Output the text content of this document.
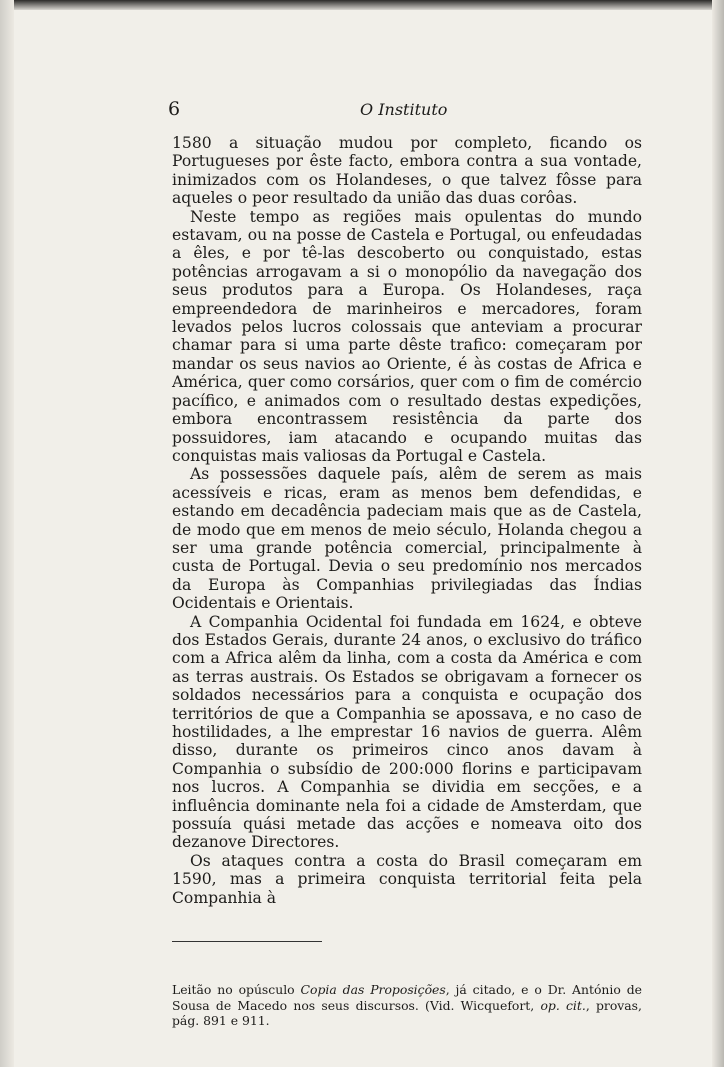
6	O Instituto

1580 a situação mudou por completo, ficando os Portugueses por êste facto, embora contra a sua vontade, inimizados com os Holandeses, o que talvez fôsse para aqueles o peor resultado da união das duas corôas.

Neste tempo as regiões mais opulentas do mundo estavam, ou na posse de Castela e Portugal, ou enfeudadas a êles, e por tê-las descoberto ou conquistado, estas potências arrogavam a si o monopólio da navegação dos seus produtos para a Europa. Os Holandeses, raça empreendedora de marinheiros e mercadores, foram levados pelos lucros colossais que anteviam a procurar chamar para si uma parte dêste trafico: começaram por mandar os seus navios ao Oriente, é às costas de Africa e América, quer como corsários, quer com o fim de comércio pacífico, e animados com o resultado destas expedições, embora encontrassem resistência da parte dos possuidores, iam atacando e ocupando muitas das conquistas mais valiosas da Portugal e Castela.

As possessões daquele país, alêm de serem as mais acessíveis e ricas, eram as menos bem defendidas, e estando em decadência padeciam mais que as de Castela, de modo que em menos de meio século, Holanda chegou a ser uma grande potência comercial, principalmente à custa de Portugal. Devia o seu predomínio nos mercados da Europa às Companhias privilegiadas das Índias Ocidentais e Orientais.

A Companhia Ocidental foi fundada em 1624, e obteve dos Estados Gerais, durante 24 anos, o exclusivo do tráfico com a Africa alêm da linha, com a costa da América e com as terras austrais. Os Estados se obrigavam a fornecer os soldados necessários para a conquista e ocupação dos territórios de que a Companhia se apossava, e no caso de hostilidades, a lhe emprestar 16 navios de guerra. Alêm disso, durante os primeiros cinco anos davam à Companhia o subsídio de 200:000 florins e participavam nos lucros. A Companhia se dividia em secções, e a influência dominante nela foi a cidade de Amsterdam, que possuía quási metade das acções e nomeava oito dos dezanove Directores.

Os ataques contra a costa do Brasil começaram em 1590, mas a primeira conquista territorial feita pela Companhia à

Leitão no opúsculo Copia das Proposições, já citado, e o Dr. António de Sousa de Macedo nos seus discursos. (Vid. Wicquefort, op. cit., provas, pág. 891 e 911.
